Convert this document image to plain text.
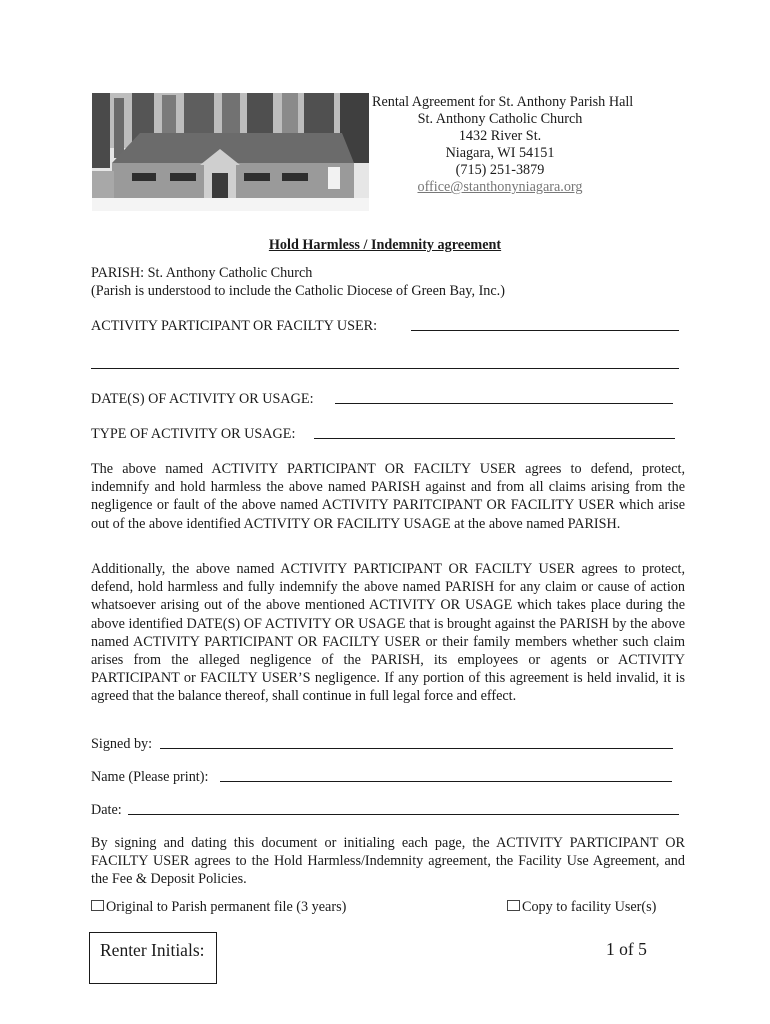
Rental Agreement for St. Anthony Parish Hall
St. Anthony Catholic Church
1432 River St.
Niagara, WI 54151
(715) 251-3879
office@stanthonyniagara.org
Hold Harmless / Indemnity agreement
PARISH: St. Anthony Catholic Church
(Parish is understood to include the Catholic Diocese of Green Bay, Inc.)
ACTIVITY PARTICIPANT OR FACILTY USER:
DATE(S) OF ACTIVITY OR USAGE:
TYPE OF ACTIVITY OR USAGE:
The above named ACTIVITY PARTICIPANT OR FACILTY USER agrees to defend, protect, indemnify and hold harmless the above named PARISH against and from all claims arising from the negligence or fault of the above named ACTIVITY PARITCIPANT OR FACILITY USER which arise out of the above identified ACTIVITY OR FACILITY USAGE at the above named PARISH.
Additionally, the above named ACTIVITY PARTICIPANT OR FACILTY USER agrees to protect, defend, hold harmless and fully indemnify the above named PARISH for any claim or cause of action whatsoever arising out of the above mentioned ACTIVITY OR USAGE which takes place during the above identified DATE(S) OF ACTIVITY OR USAGE that is brought against the PARISH by the above named ACTIVITY PARTICIPANT OR FACILTY USER or their family members whether such claim arises from the alleged negligence of the PARISH, its employees or agents or ACTIVITY PARTICIPANT or FACILTY USER’S negligence. If any portion of this agreement is held invalid, it is agreed that the balance thereof, shall continue in full legal force and effect.
Signed by:
Name (Please print):
Date:
By signing and dating this document or initialing each page, the ACTIVITY PARTICIPANT OR FACILTY USER agrees to the Hold Harmless/Indemnity agreement, the Facility Use Agreement, and the Fee & Deposit Policies.
Original to Parish permanent file (3 years)	Copy to facility User(s)
Renter Initials:	1 of 5
